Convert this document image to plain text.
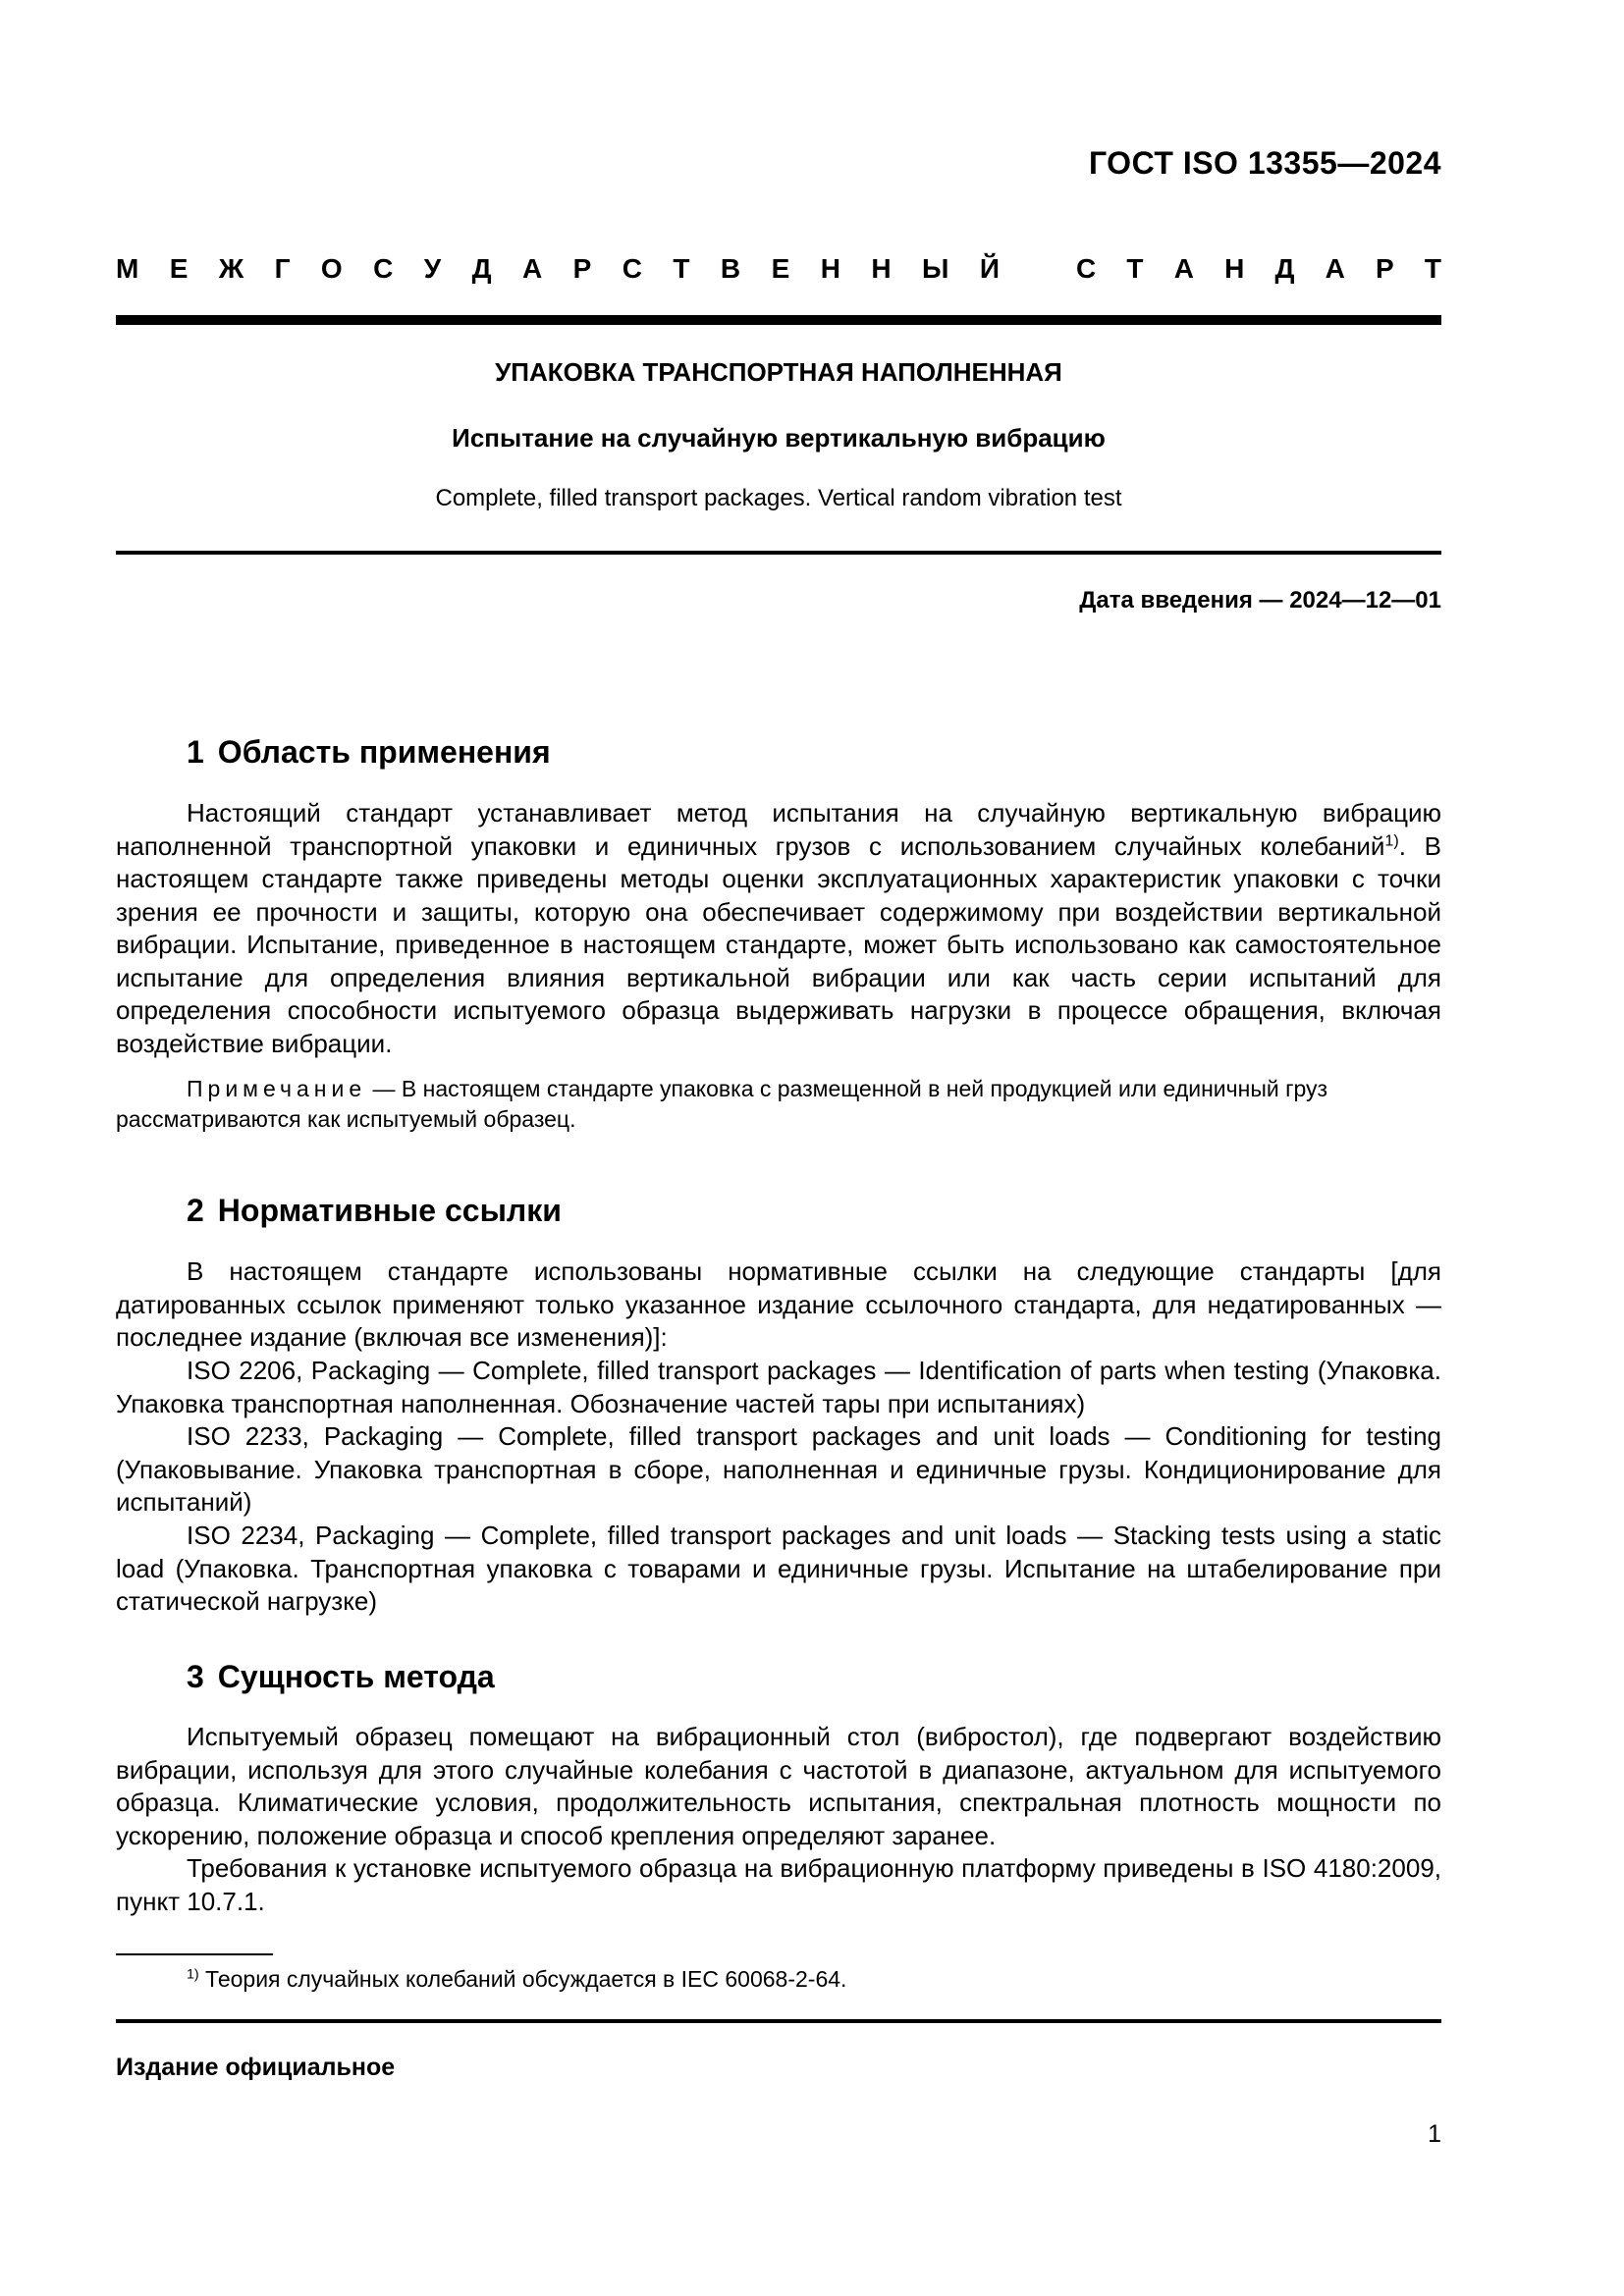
ГОСТ ISO 13355—2024
М Е Ж Г О С У Д А Р С Т В Е Н Н Ы Й	С Т А Н Д А Р Т
УПАКОВКА ТРАНСПОРТНАЯ НАПОЛНЕННАЯ
Испытание на случайную вертикальную вибрацию
Complete, filled transport packages. Vertical random vibration test
Дата введения — 2024—12—01
1 Область применения

Настоящий стандарт устанавливает метод испытания на случайную вертикальную вибрацию наполненной транспортной упаковки и единичных грузов с использованием случайных колебаний$^{1)}$. В настоящем стандарте также приведены методы оценки эксплуатационных характеристик упаковки с точки зрения ее прочности и защиты, которую она обеспечивает содержимому при воздействии вертикальной вибрации. Испытание, приведенное в настоящем стандарте, может быть использовано как самостоятельное испытание для определения влияния вертикальной вибрации или как часть серии испытаний для определения способности испытуемого образца выдерживать нагрузки в процессе обращения, включая воздействие вибрации.

Примечание — В настоящем стандарте упаковка с размещенной в ней продукцией или единичный груз рассматриваются как испытуемый образец.

2 Нормативные ссылки

В настоящем стандарте использованы нормативные ссылки на следующие стандарты [для датированных ссылок применяют только указанное издание ссылочного стандарта, для недатированных — последнее издание (включая все изменения)]:

ISO 2206, Packaging — Complete, filled transport packages — Identification of parts when testing (Упаковка. Упаковка транспортная наполненная. Обозначение частей тары при испытаниях)

ISO 2233, Packaging — Complete, filled transport packages and unit loads — Conditioning for testing (Упаковывание. Упаковка транспортная в сборе, наполненная и единичные грузы. Кондиционирование для испытаний)

ISO 2234, Packaging — Complete, filled transport packages and unit loads — Stacking tests using a static load (Упаковка. Транспортная упаковка с товарами и единичные грузы. Испытание на штабелирование при статической нагрузке)

3 Сущность метода

Испытуемый образец помещают на вибрационный стол (вибростол), где подвергают воздействию вибрации, используя для этого случайные колебания с частотой в диапазоне, актуальном для испытуемого образца. Климатические условия, продолжительность испытания, спектральная плотность мощности по ускорению, положение образца и способ крепления определяют заранее.

Требования к установке испытуемого образца на вибрационную платформу приведены в ISO 4180:2009, пункт 10.7.1.

$^{1)}$ Теория случайных колебаний обсуждается в IEC 60068-2-64.
Издание официальное
1
